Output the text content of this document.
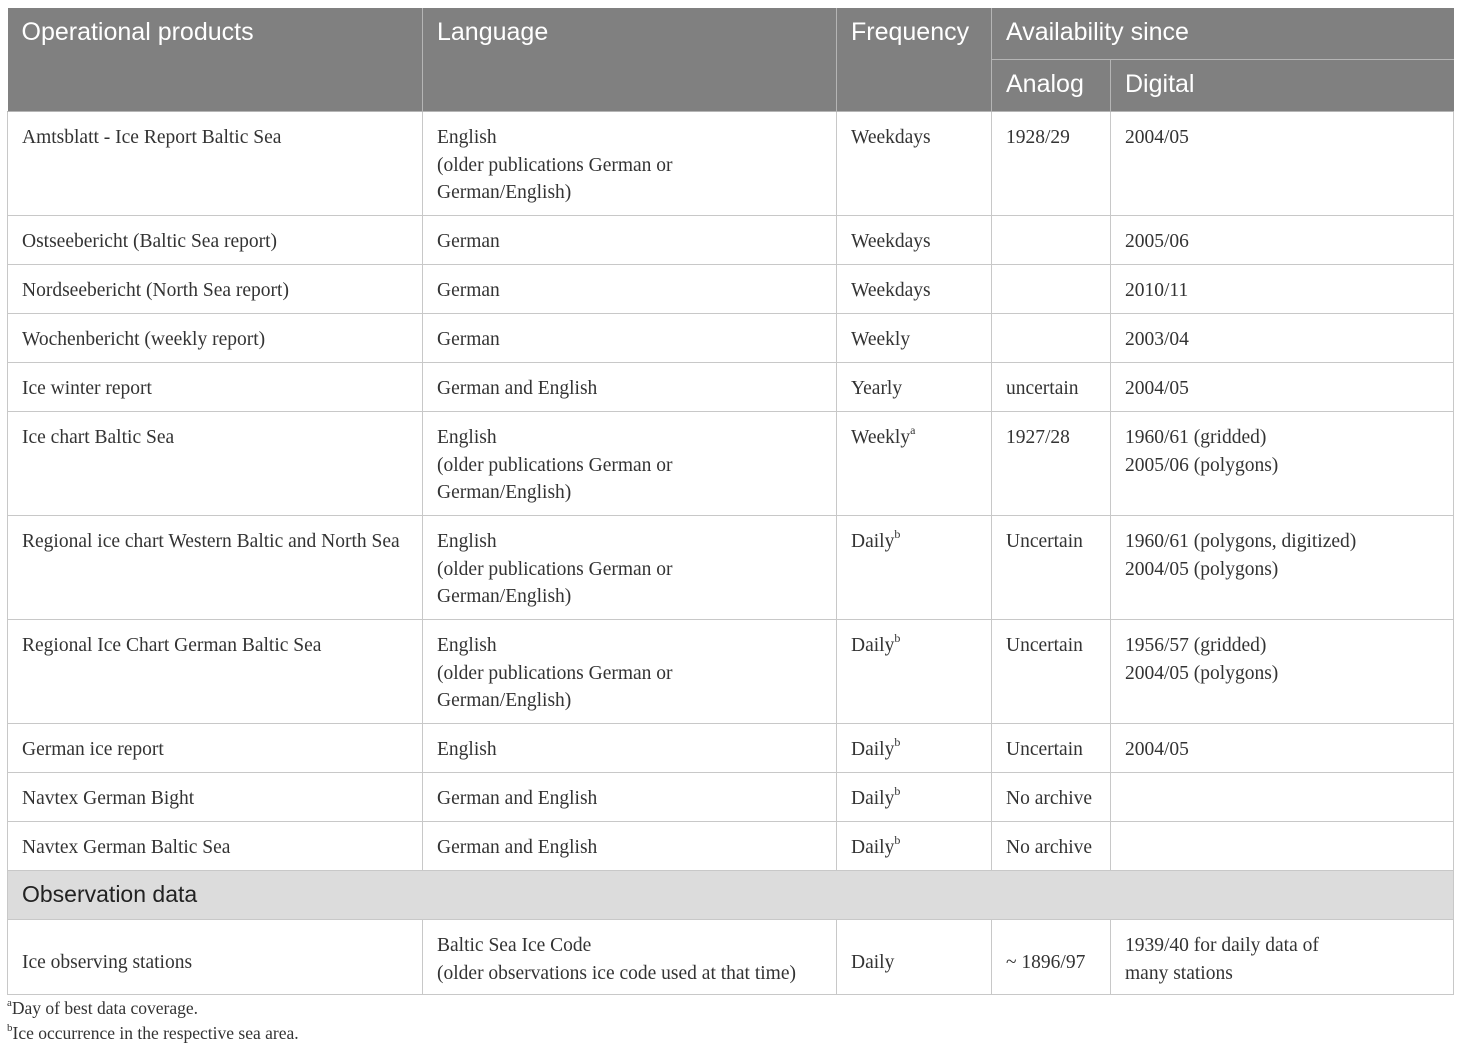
Operational products	Language	Frequency	Availability since	
			Analog	Digital

Amtsblatt - Ice Report Baltic Sea	English
(older publications German or
German/English)	Weekdays	1928/29	2004/05

Ostseebericht (Baltic Sea report)	German	Weekdays		2005/06

Nordseebericht (North Sea report)	German	Weekdays		2010/11

Wochenbericht (weekly report)	German	Weekly		2003/04

Ice winter report	German and English	Yearly	uncertain	2004/05

Ice chart Baltic Sea	English
(older publications German or
German/English)	Weekly$^a$	1927/28	1960/61 (gridded)
2005/06 (polygons)

Regional ice chart Western Baltic and North Sea	English
(older publications German or
German/English)	Daily$^b$	Uncertain	1960/61 (polygons, digitized)
2004/05 (polygons)

Regional Ice Chart German Baltic Sea	English
(older publications German or
German/English)	Daily$^b$	Uncertain	1956/57 (gridded)
2004/05 (polygons)

German ice report	English	Daily$^b$	Uncertain	2004/05

Navtex German Bight	German and English	Daily$^b$	No archive	

Navtex German Baltic Sea	German and English	Daily$^b$	No archive	

Observation data				

Ice observing stations	Baltic Sea Ice Code
(older observations ice code used at that time)	Daily	~ 1896/97	1939/40 for daily data of
many stations
$^a$Day of best data coverage.
$^b$Ice occurrence in the respective sea area.
